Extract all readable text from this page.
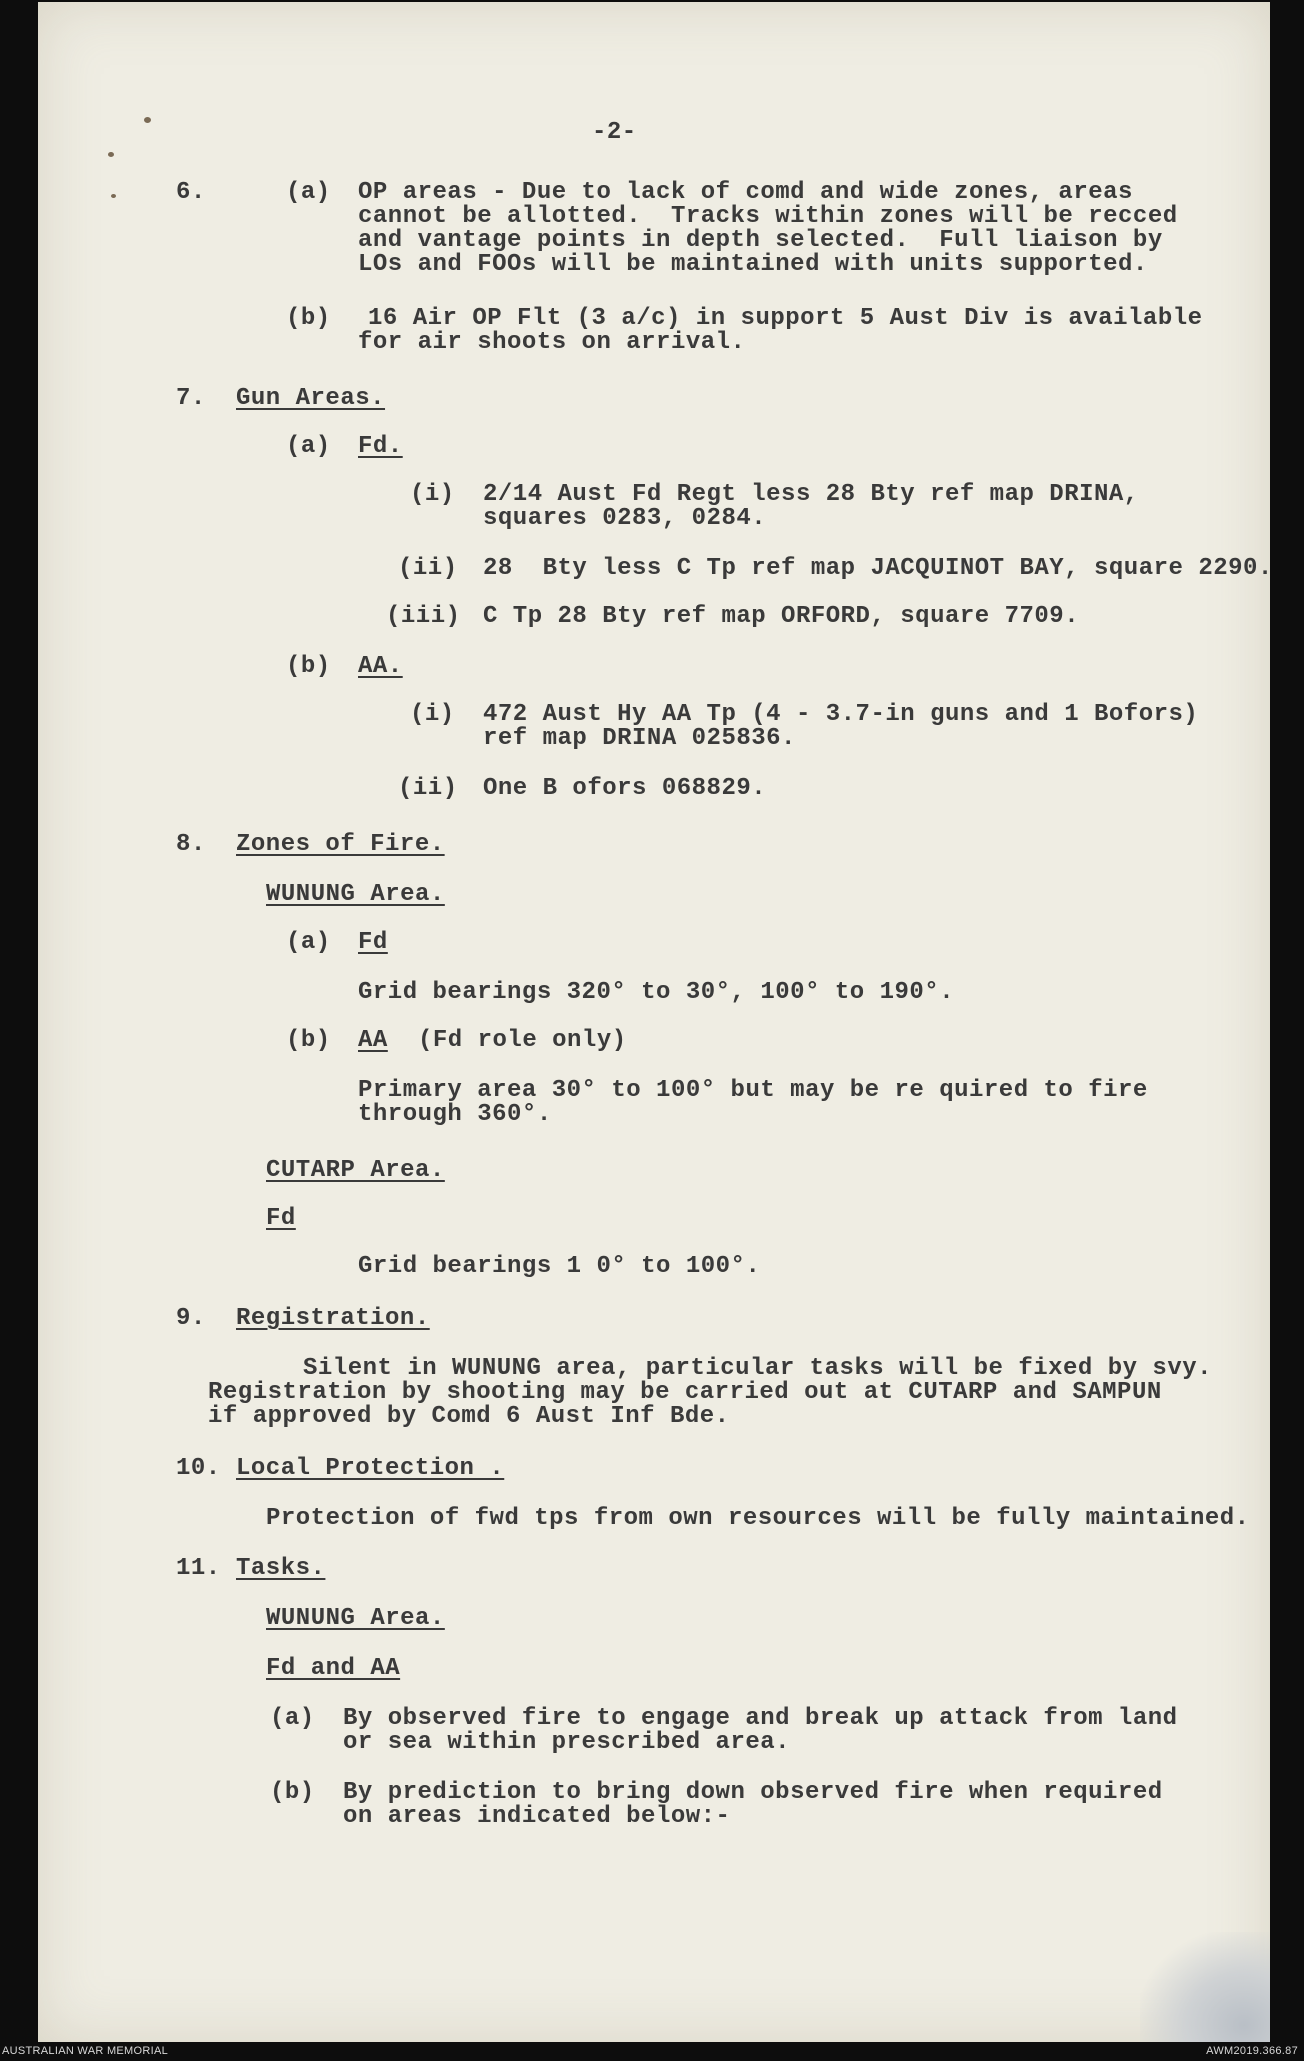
-2-
6.	(a) OP areas - Due to lack of comd and wide zones, areas
cannot be allotted.  Tracks within zones will be recced
and vantage points in depth selected.  Full liaison by
LOs and FOOs will be maintained with units supported.
(b) 16 Air OP Flt (3 a/c) in support 5 Aust Div is available
for air shoots on arrival.
7. Gun Areas.
(a) Fd.
(i) 2/14 Aust Fd Regt less 28 Bty ref map DRINA,
squares 0283, 0284.
(ii) 28  Bty less C Tp ref map JACQUINOT BAY, square 2290.
(iii) C Tp 28 Bty ref map ORFORD, square 7709.
(b) AA.
(i) 472 Aust Hy AA Tp (4 - 3.7-in guns and 1 Bofors)
ref map DRINA 025836.
(ii) One B ofors 068829.
8. Zones of Fire.
WUNUNG Area.
(a) Fd
Grid bearings 320° to 30°, 100° to 190°.
(b) AA (Fd role only)
Primary area 30° to 100° but may be re quired to fire
through 360°.
CUTARP Area.
Fd
Grid bearings 1 0° to 100°.
9. Registration.
Silent in WUNUNG area, particular tasks will be fixed by svy.
Registration by shooting may be carried out at CUTARP and SAMPUN
if approved by Comd 6 Aust Inf Bde.
10. Local Protection .
Protection of fwd tps from own resources will be fully maintained.
11. Tasks.
WUNUNG Area.
Fd and AA
(a) By observed fire to engage and break up attack from land
or sea within prescribed area.
(b) By prediction to bring down observed fire when required
on areas indicated below:-
AUSTRALIAN WAR MEMORIAL	AWM2019.366.87
